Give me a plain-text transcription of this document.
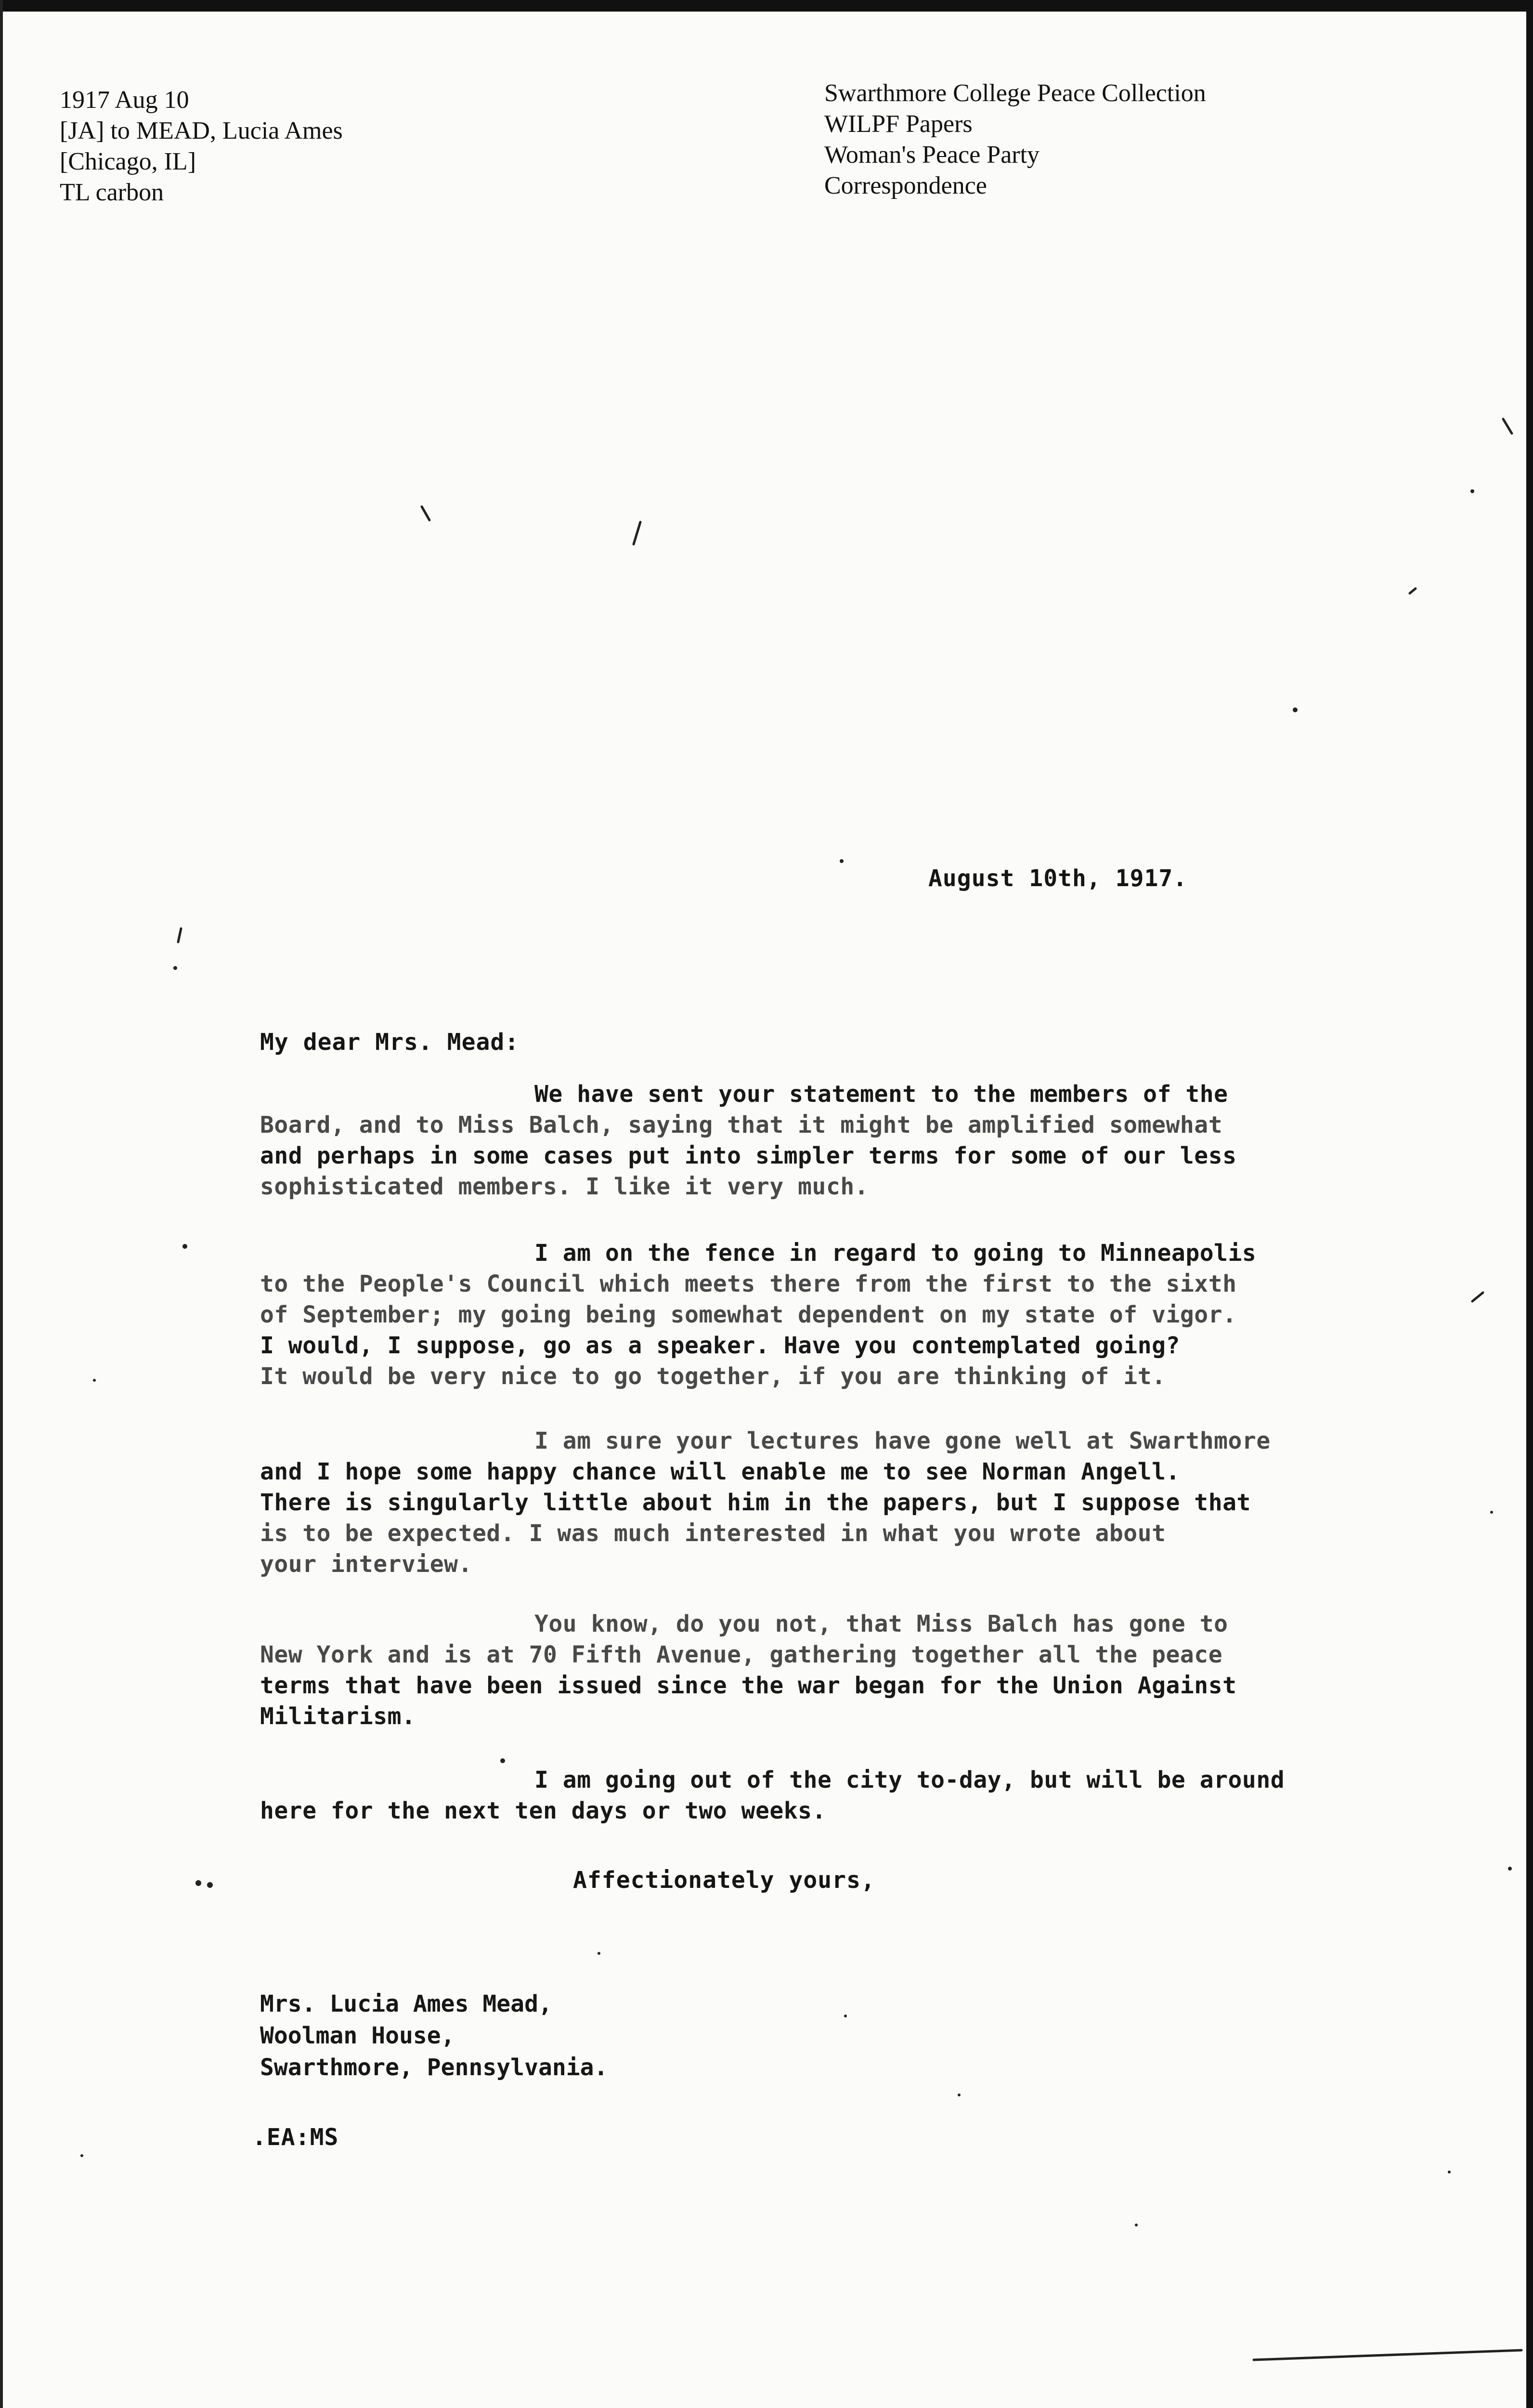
1917 Aug 10
[JA] to MEAD, Lucia Ames
[Chicago, IL]
TL carbon
Swarthmore College Peace Collection
WILPF Papers
Woman's Peace Party
Correspondence
August 10th, 1917.
My dear Mrs. Mead:
We have sent your statement to the members of the
Board, and to Miss Balch, saying that it might be amplified somewhat
and perhaps in some cases put into simpler terms for some of our less
sophisticated members. I like it very much.
I am on the fence in regard to going to Minneapolis
to the People's Council which meets there from the first to the sixth
of September; my going being somewhat dependent on my state of vigor.
I would, I suppose, go as a speaker. Have you contemplated going?
It would be very nice to go together, if you are thinking of it.
I am sure your lectures have gone well at Swarthmore
and I hope some happy chance will enable me to see Norman Angell.
There is singularly little about him in the papers, but I suppose that
is to be expected. I was much interested in what you wrote about
your interview.
You know, do you not, that Miss Balch has gone to
New York and is at 70 Fifth Avenue, gathering together all the peace
terms that have been issued since the war began for the Union Against
Militarism.
I am going out of the city to-day, but will be around
here for the next ten days or two weeks.
Affectionately yours,
Mrs. Lucia Ames Mead,
Woolman House,
Swarthmore, Pennsylvania.
.EA:MS
